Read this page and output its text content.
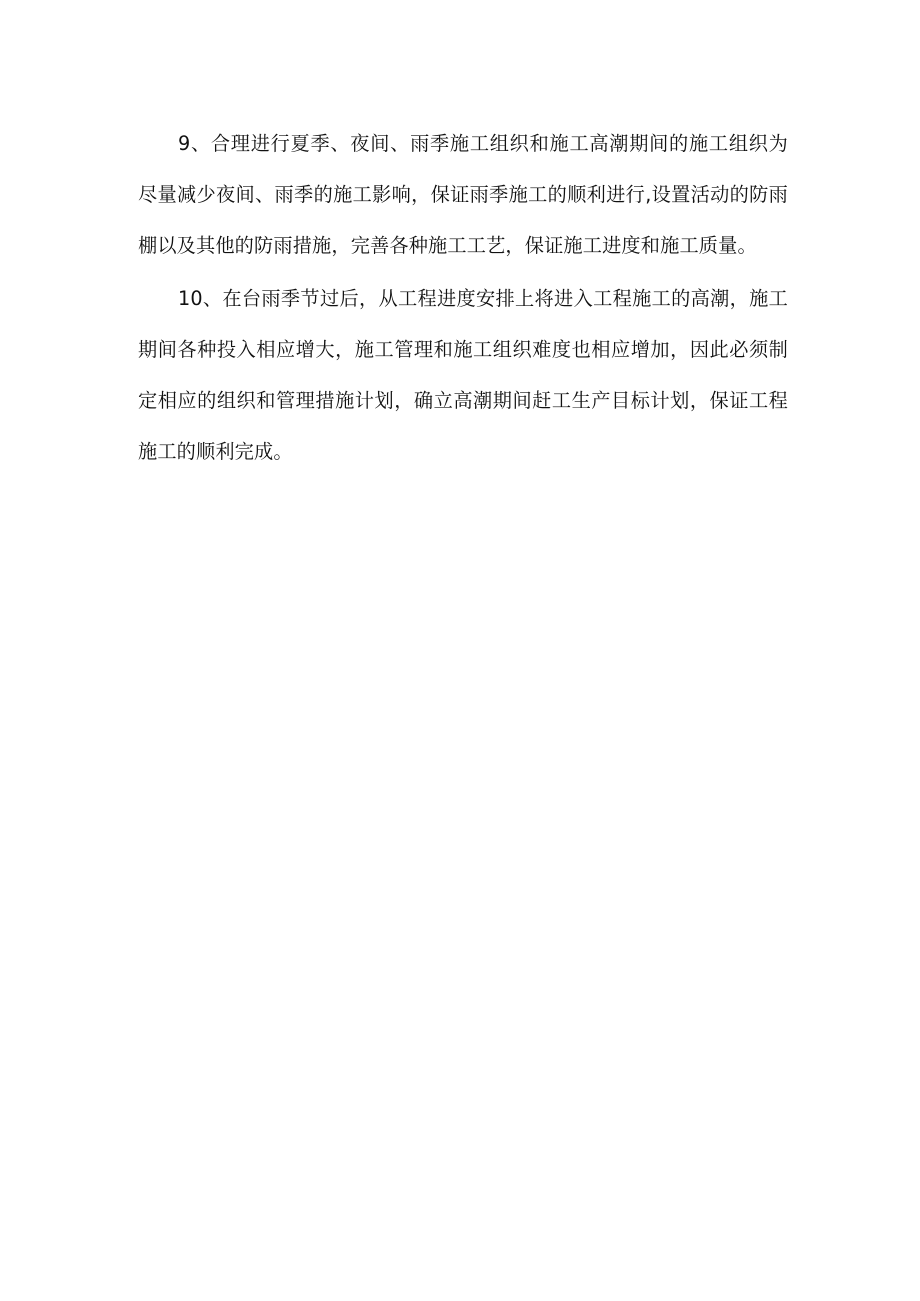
9、合理进行夏季、夜间、雨季施工组织和施工高潮期间的施工组织为尽量减少夜间、雨季的施工影响，保证雨季施工的顺利进行,设置活动的防雨棚以及其他的防雨措施，完善各种施工工艺，保证施工进度和施工质量。

10、在台雨季节过后，从工程进度安排上将进入工程施工的高潮，施工期间各种投入相应增大，施工管理和施工组织难度也相应增加，因此必须制定相应的组织和管理措施计划，确立高潮期间赶工生产目标计划，保证工程施工的顺利完成。
